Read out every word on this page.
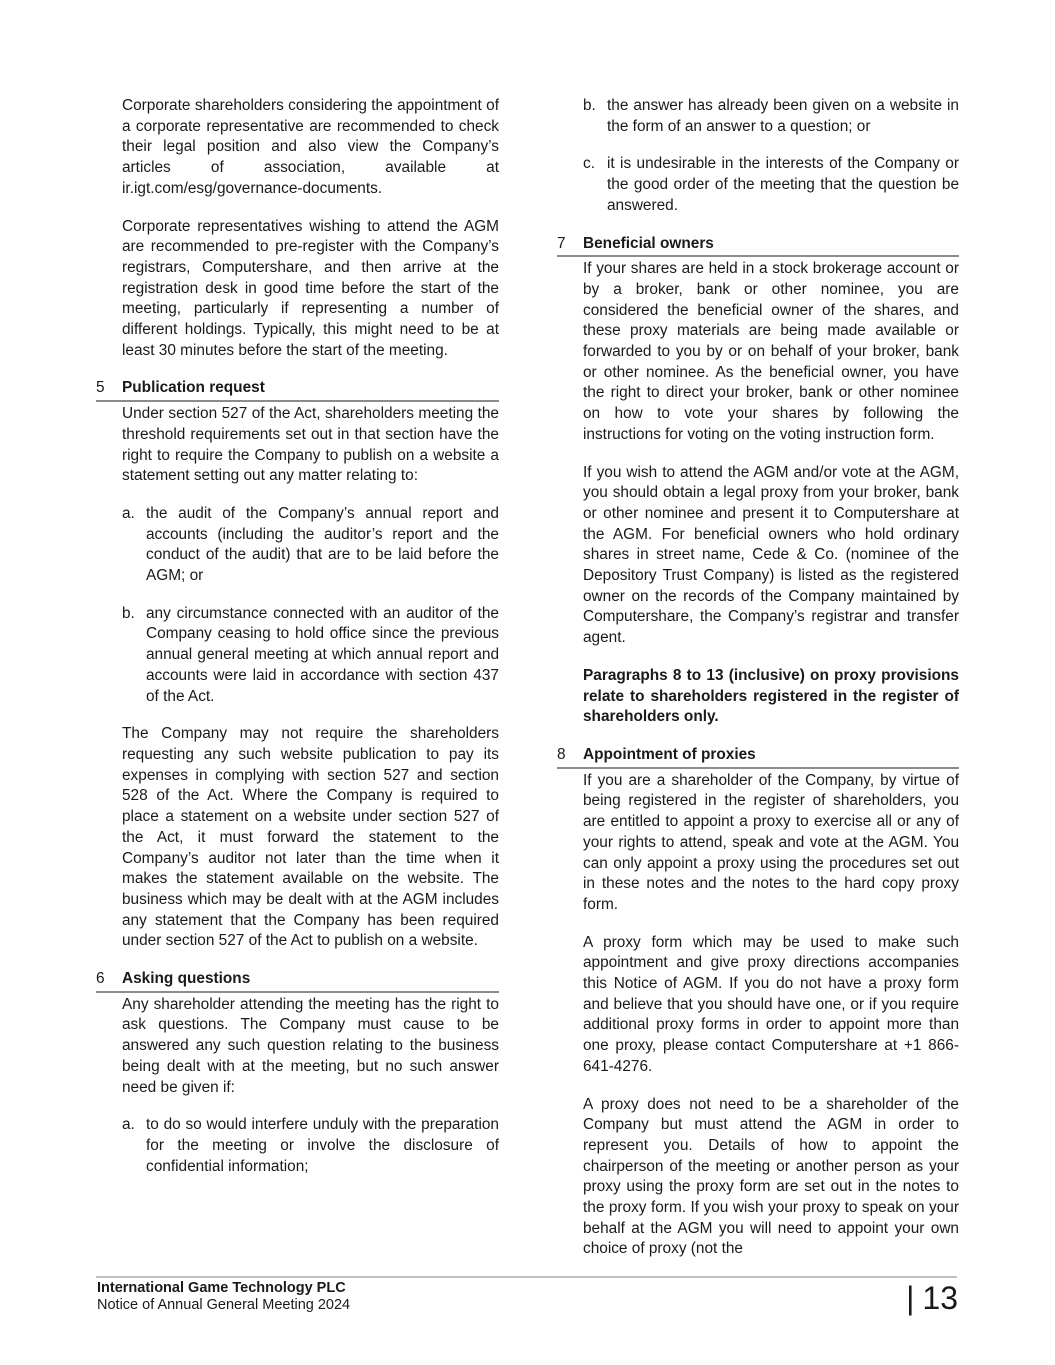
Corporate shareholders considering the appointment of a corporate representative are recommended to check their legal position and also view the Company’s articles of association, available at ir.igt.com/esg/governance-documents.

Corporate representatives wishing to attend the AGM are recommended to pre-register with the Company’s registrars, Computershare, and then arrive at the registration desk in good time before the start of the meeting, particularly if representing a number of different holdings. Typically, this might need to be at least 30 minutes before the start of the meeting.

5	Publication request

Under section 527 of the Act, shareholders meeting the threshold requirements set out in that section have the right to require the Company to publish on a website a statement setting out any matter relating to:

a. the audit of the Company’s annual report and accounts (including the auditor’s report and the conduct of the audit) that are to be laid before the AGM; or
b. any circumstance connected with an auditor of the Company ceasing to hold office since the previous annual general meeting at which annual report and accounts were laid in accordance with section 437 of the Act.

The Company may not require the shareholders requesting any such website publication to pay its expenses in complying with section 527 and section 528 of the Act. Where the Company is required to place a statement on a website under section 527 of the Act, it must forward the statement to the Company’s auditor not later than the time when it makes the statement available on the website. The business which may be dealt with at the AGM includes any statement that the Company has been required under section 527 of the Act to publish on a website.

6	Asking questions

Any shareholder attending the meeting has the right to ask questions. The Company must cause to be answered any such question relating to the business being dealt with at the meeting, but no such answer need be given if:

a. to do so would interfere unduly with the preparation for the meeting or involve the disclosure of confidential information;
b. the answer has already been given on a website in the form of an answer to a question; or
c. it is undesirable in the interests of the Company or the good order of the meeting that the question be answered.
7	Beneficial owners

If your shares are held in a stock brokerage account or by a broker, bank or other nominee, you are considered the beneficial owner of the shares, and these proxy materials are being made available or forwarded to you by or on behalf of your broker, bank or other nominee. As the beneficial owner, you have the right to direct your broker, bank or other nominee on how to vote your shares by following the instructions for voting on the voting instruction form.

If you wish to attend the AGM and/or vote at the AGM, you should obtain a legal proxy from your broker, bank or other nominee and present it to Computershare at the AGM. For beneficial owners who hold ordinary shares in street name, Cede & Co. (nominee of the Depository Trust Company) is listed as the registered owner on the records of the Company maintained by Computershare, the Company’s registrar and transfer agent.

Paragraphs 8 to 13 (inclusive) on proxy provisions relate to shareholders registered in the register of shareholders only.

8	Appointment of proxies

If you are a shareholder of the Company, by virtue of being registered in the register of shareholders, you are entitled to appoint a proxy to exercise all or any of your rights to attend, speak and vote at the AGM. You can only appoint a proxy using the procedures set out in these notes and the notes to the hard copy proxy form.

A proxy form which may be used to make such appointment and give proxy directions accompanies this Notice of AGM. If you do not have a proxy form and believe that you should have one, or if you require additional proxy forms in order to appoint more than one proxy, please contact Computershare at +1 866-641-4276.

A proxy does not need to be a shareholder of the Company but must attend the AGM in order to represent you. Details of how to appoint the chairperson of the meeting or another person as your proxy using the proxy form are set out in the notes to the proxy form. If you wish your proxy to speak on your behalf at the AGM you will need to appoint your own choice of proxy (not the

International Game Technology PLC
Notice of Annual General Meeting 2024	| 13
